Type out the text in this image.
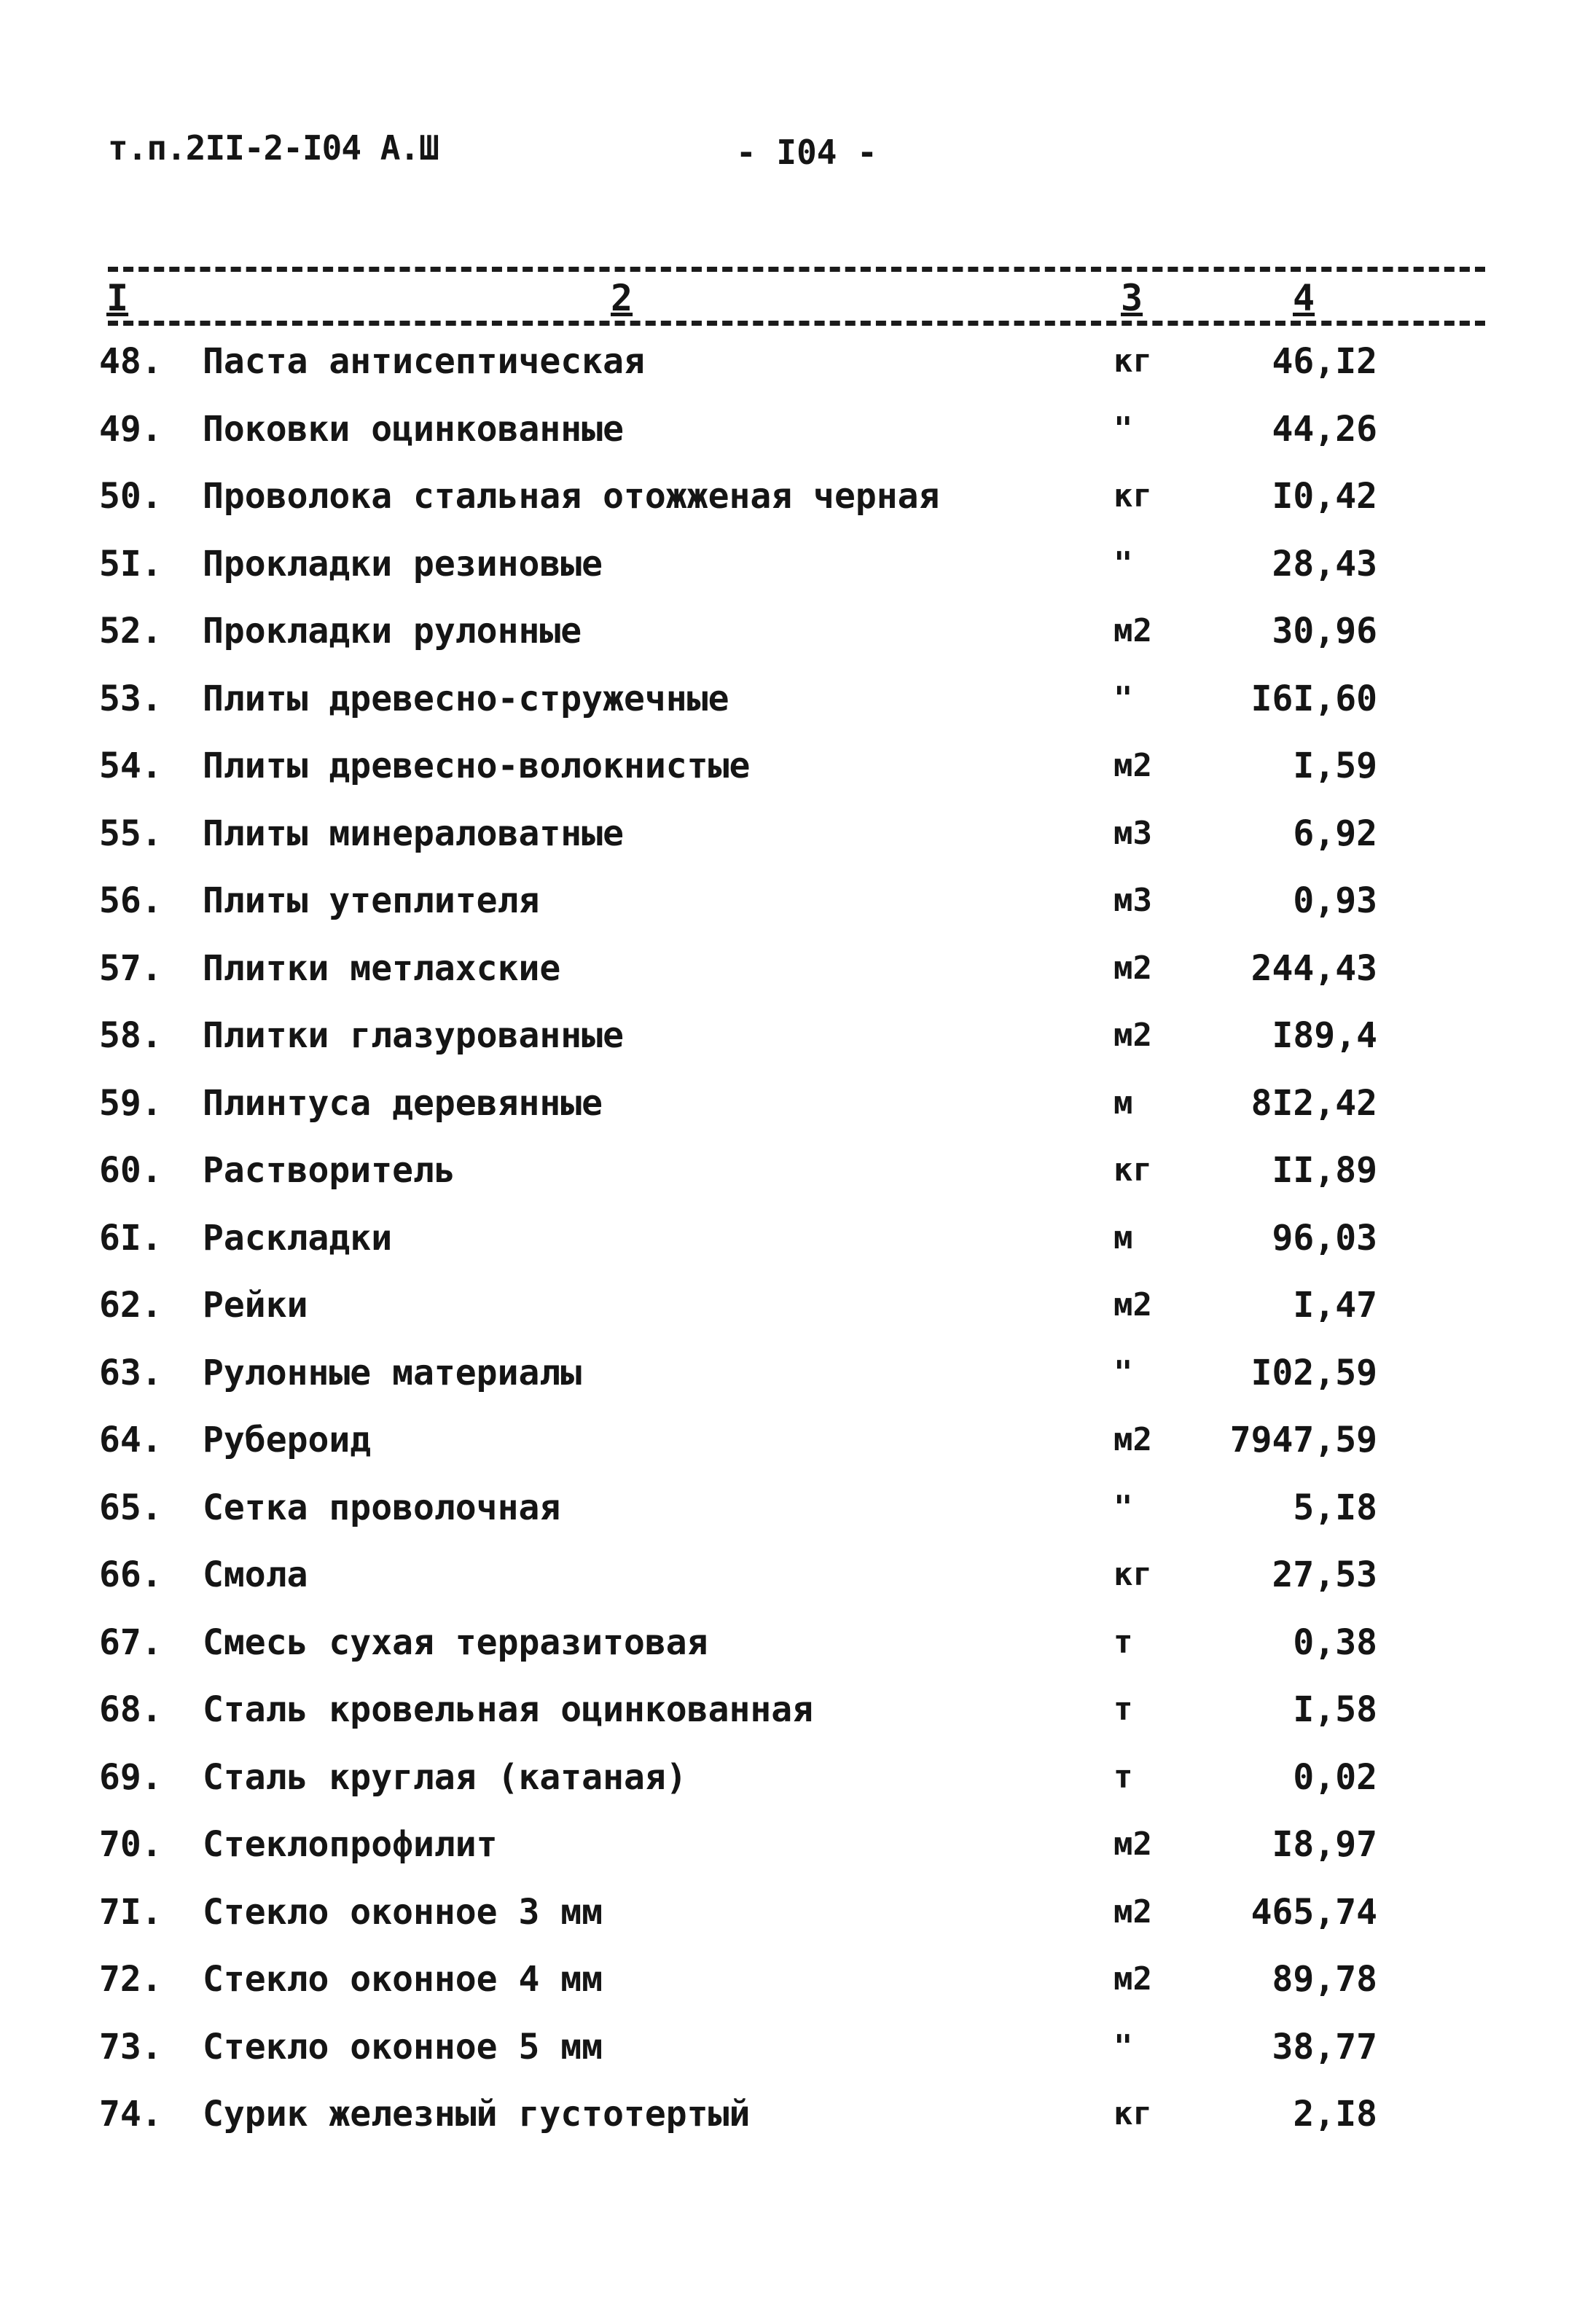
т.п.2II-2-I04 А.Ш	- I04 -
I	2	3	4
48.	Паста антисептическая	кг	46,I2
49.	Поковки оцинкованные	"	44,26
50.	Проволока стальная отожженая черная	кг	I0,42
5I.	Прокладки резиновые	"	28,43
52.	Прокладки рулонные	м2	30,96
53.	Плиты древесно-стружечные	"	I6I,60
54.	Плиты древесно-волокнистые	м2	I,59
55.	Плиты минераловатные	м3	6,92
56.	Плиты утеплителя	м3	0,93
57.	Плитки метлахские	м2	244,43
58.	Плитки глазурованные	м2	I89,4
59.	Плинтуса деревянные	м	8I2,42
60.	Растворитель	кг	II,89
6I.	Раскладки	м	96,03
62.	Рейки	м2	I,47
63.	Рулонные материалы	"	I02,59
64.	Рубероид	м2	7947,59
65.	Сетка проволочная	"	5,I8
66.	Смола	кг	27,53
67.	Смесь сухая терразитовая	т	0,38
68.	Сталь кровельная оцинкованная	т	I,58
69.	Сталь круглая (катаная)	т	0,02
70.	Стеклопрофилит	м2	I8,97
7I.	Стекло оконное 3 мм	м2	465,74
72.	Стекло оконное 4 мм	м2	89,78
73.	Стекло оконное 5 мм	"	38,77
74.	Сурик железный густотертый	кг	2,I8
